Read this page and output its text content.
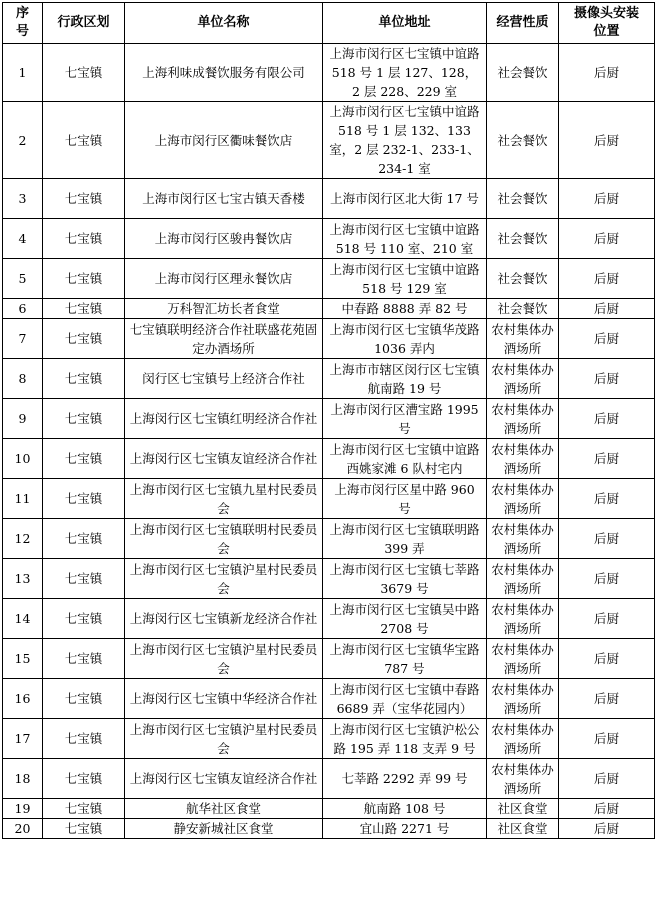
序号	行政区划	单位名称	单位地址	经营性质	摄像头安装位置
1	七宝镇	上海利味成餐饮服务有限公司	上海市闵行区七宝镇中谊路 518 号 1 层 127、128，2 层 228、229 室	社会餐饮	后厨
2	七宝镇	上海市闵行区衢味餐饮店	上海市闵行区七宝镇中谊路 518 号 1 层 132、133 室，2 层 232-1、233-1、234-1 室	社会餐饮	后厨
3	七宝镇	上海市闵行区七宝古镇天香楼	上海市闵行区北大街 17 号	社会餐饮	后厨
4	七宝镇	上海市闵行区骏冉餐饮店	上海市闵行区七宝镇中谊路 518 号 110 室、210 室	社会餐饮	后厨
5	七宝镇	上海市闵行区理永餐饮店	上海市闵行区七宝镇中谊路 518 号 129 室	社会餐饮	后厨
6	七宝镇	万科智汇坊长者食堂	中春路 8888 弄 82 号	社会餐饮	后厨
7	七宝镇	七宝镇联明经济合作社联盛花苑固定办酒场所	上海市闵行区七宝镇华茂路 1036 弄内	农村集体办酒场所	后厨
8	七宝镇	闵行区七宝镇号上经济合作社	上海市市辖区闵行区七宝镇航南路 19 号	农村集体办酒场所	后厨
9	七宝镇	上海闵行区七宝镇红明经济合作社	上海市闵行区漕宝路 1995 号	农村集体办酒场所	后厨
10	七宝镇	上海闵行区七宝镇友谊经济合作社	上海市闵行区七宝镇中谊路西姚家滩 6 队村宅内	农村集体办酒场所	后厨
11	七宝镇	上海市闵行区七宝镇九星村民委员会	上海市闵行区星中路 960 号	农村集体办酒场所	后厨
12	七宝镇	上海市闵行区七宝镇联明村民委员会	上海市闵行区七宝镇联明路 399 弄	农村集体办酒场所	后厨
13	七宝镇	上海市闵行区七宝镇沪星村民委员会	上海市闵行区七宝镇七莘路 3679 号	农村集体办酒场所	后厨
14	七宝镇	上海闵行区七宝镇新龙经济合作社	上海市闵行区七宝镇吴中路 2708 号	农村集体办酒场所	后厨
15	七宝镇	上海市闵行区七宝镇沪星村民委员会	上海市闵行区七宝镇华宝路 787 号	农村集体办酒场所	后厨
16	七宝镇	上海闵行区七宝镇中华经济合作社	上海市闵行区七宝镇中春路 6689 弄（宝华花园内）	农村集体办酒场所	后厨
17	七宝镇	上海市闵行区七宝镇沪星村民委员会	上海市闵行区七宝镇沪松公路 195 弄 118 支弄 9 号	农村集体办酒场所	后厨
18	七宝镇	上海闵行区七宝镇友谊经济合作社	七莘路 2292 弄 99 号	农村集体办酒场所	后厨
19	七宝镇	航华社区食堂	航南路 108 号	社区食堂	后厨
20	七宝镇	静安新城社区食堂	宜山路 2271 号	社区食堂	后厨
